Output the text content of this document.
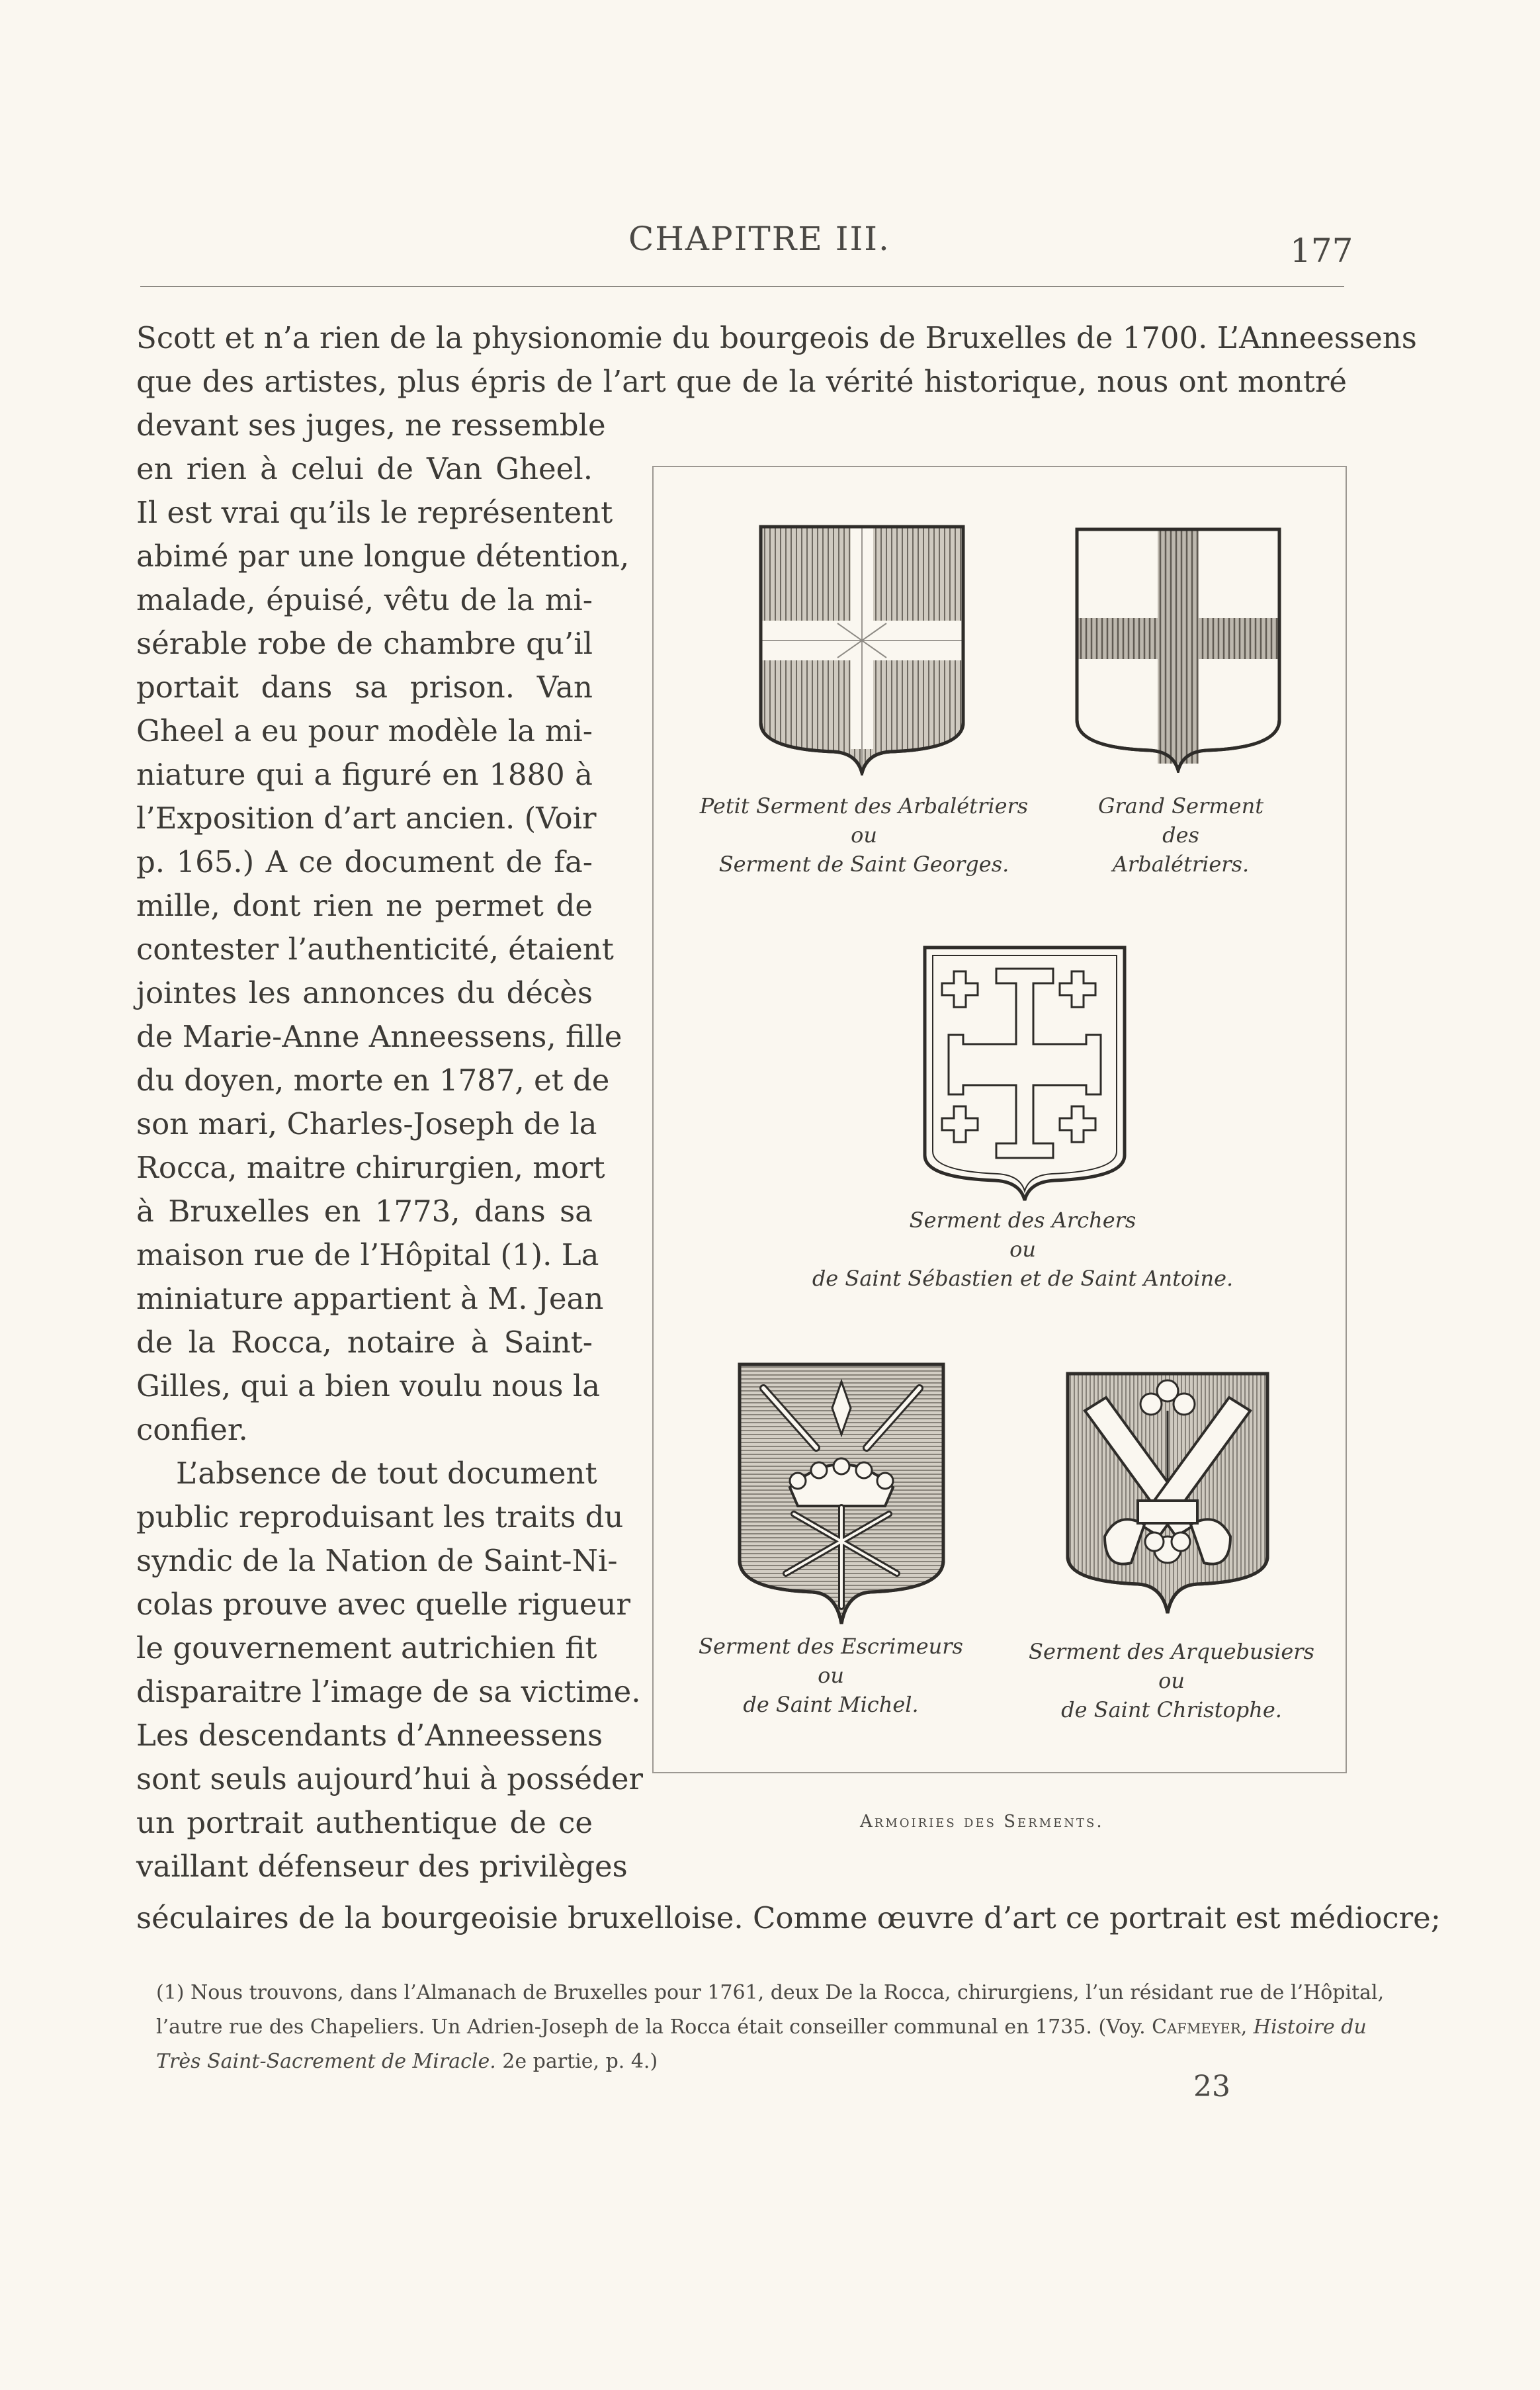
CHAPITRE III.	177
Scott et n’a rien de la physionomie du bourgeois de Bruxelles de 1700. L’Anneessens
que des artistes, plus épris de l’art que de la vérité historique, nous ont montré
devant ses juges, ne ressemble
en rien à celui de Van Gheel.
Il est vrai qu’ils le représentent
abimé par une longue détention,
malade, épuisé, vêtu de la mi-
sérable robe de chambre qu’il
portait dans sa prison. Van
Gheel a eu pour modèle la mi-
niature qui a figuré en 1880 à
l’Exposition d’art ancien. (Voir
p. 165.) A ce document de fa-
mille, dont rien ne permet de
contester l’authenticité, étaient
jointes les annonces du décès
de Marie-Anne Anneessens, fille
du doyen, morte en 1787, et de
son mari, Charles-Joseph de la
Rocca, maitre chirurgien, mort
à Bruxelles en 1773, dans sa
maison rue de l’Hôpital (1). La
miniature appartient à M. Jean
de la Rocca, notaire à Saint-
Gilles, qui a bien voulu nous la
confier.
L’absence de tout document
public reproduisant les traits du
syndic de la Nation de Saint-Ni-
colas prouve avec quelle rigueur
le gouvernement autrichien fit
disparaitre l’image de sa victime.
Les descendants d’Anneessens
sont seuls aujourd’hui à posséder
un portrait authentique de ce
vaillant défenseur des privilèges
séculaires de la bourgeoisie bruxelloise. Comme œuvre d’art ce portrait est médiocre;
Petit Serment des Arbalétriers
ou
Serment de Saint Georges.
Grand Serment
des
Arbalétriers.
Serment des Archers
ou
de Saint Sébastien et de Saint Antoine.
Serment des Escrimeurs
ou
de Saint Michel.
Serment des Arquebusiers
ou
de Saint Christophe.
Armoiries des Serments.
(1) Nous trouvons, dans l’Almanach de Bruxelles pour 1761, deux De la Rocca, chirurgiens, l’un résidant rue de l’Hôpital,
l’autre rue des Chapeliers. Un Adrien-Joseph de la Rocca était conseiller communal en 1735. (Voy. Cafmeyer, Histoire du
Très Saint-Sacrement de Miracle. 2e partie, p. 4.)
23
